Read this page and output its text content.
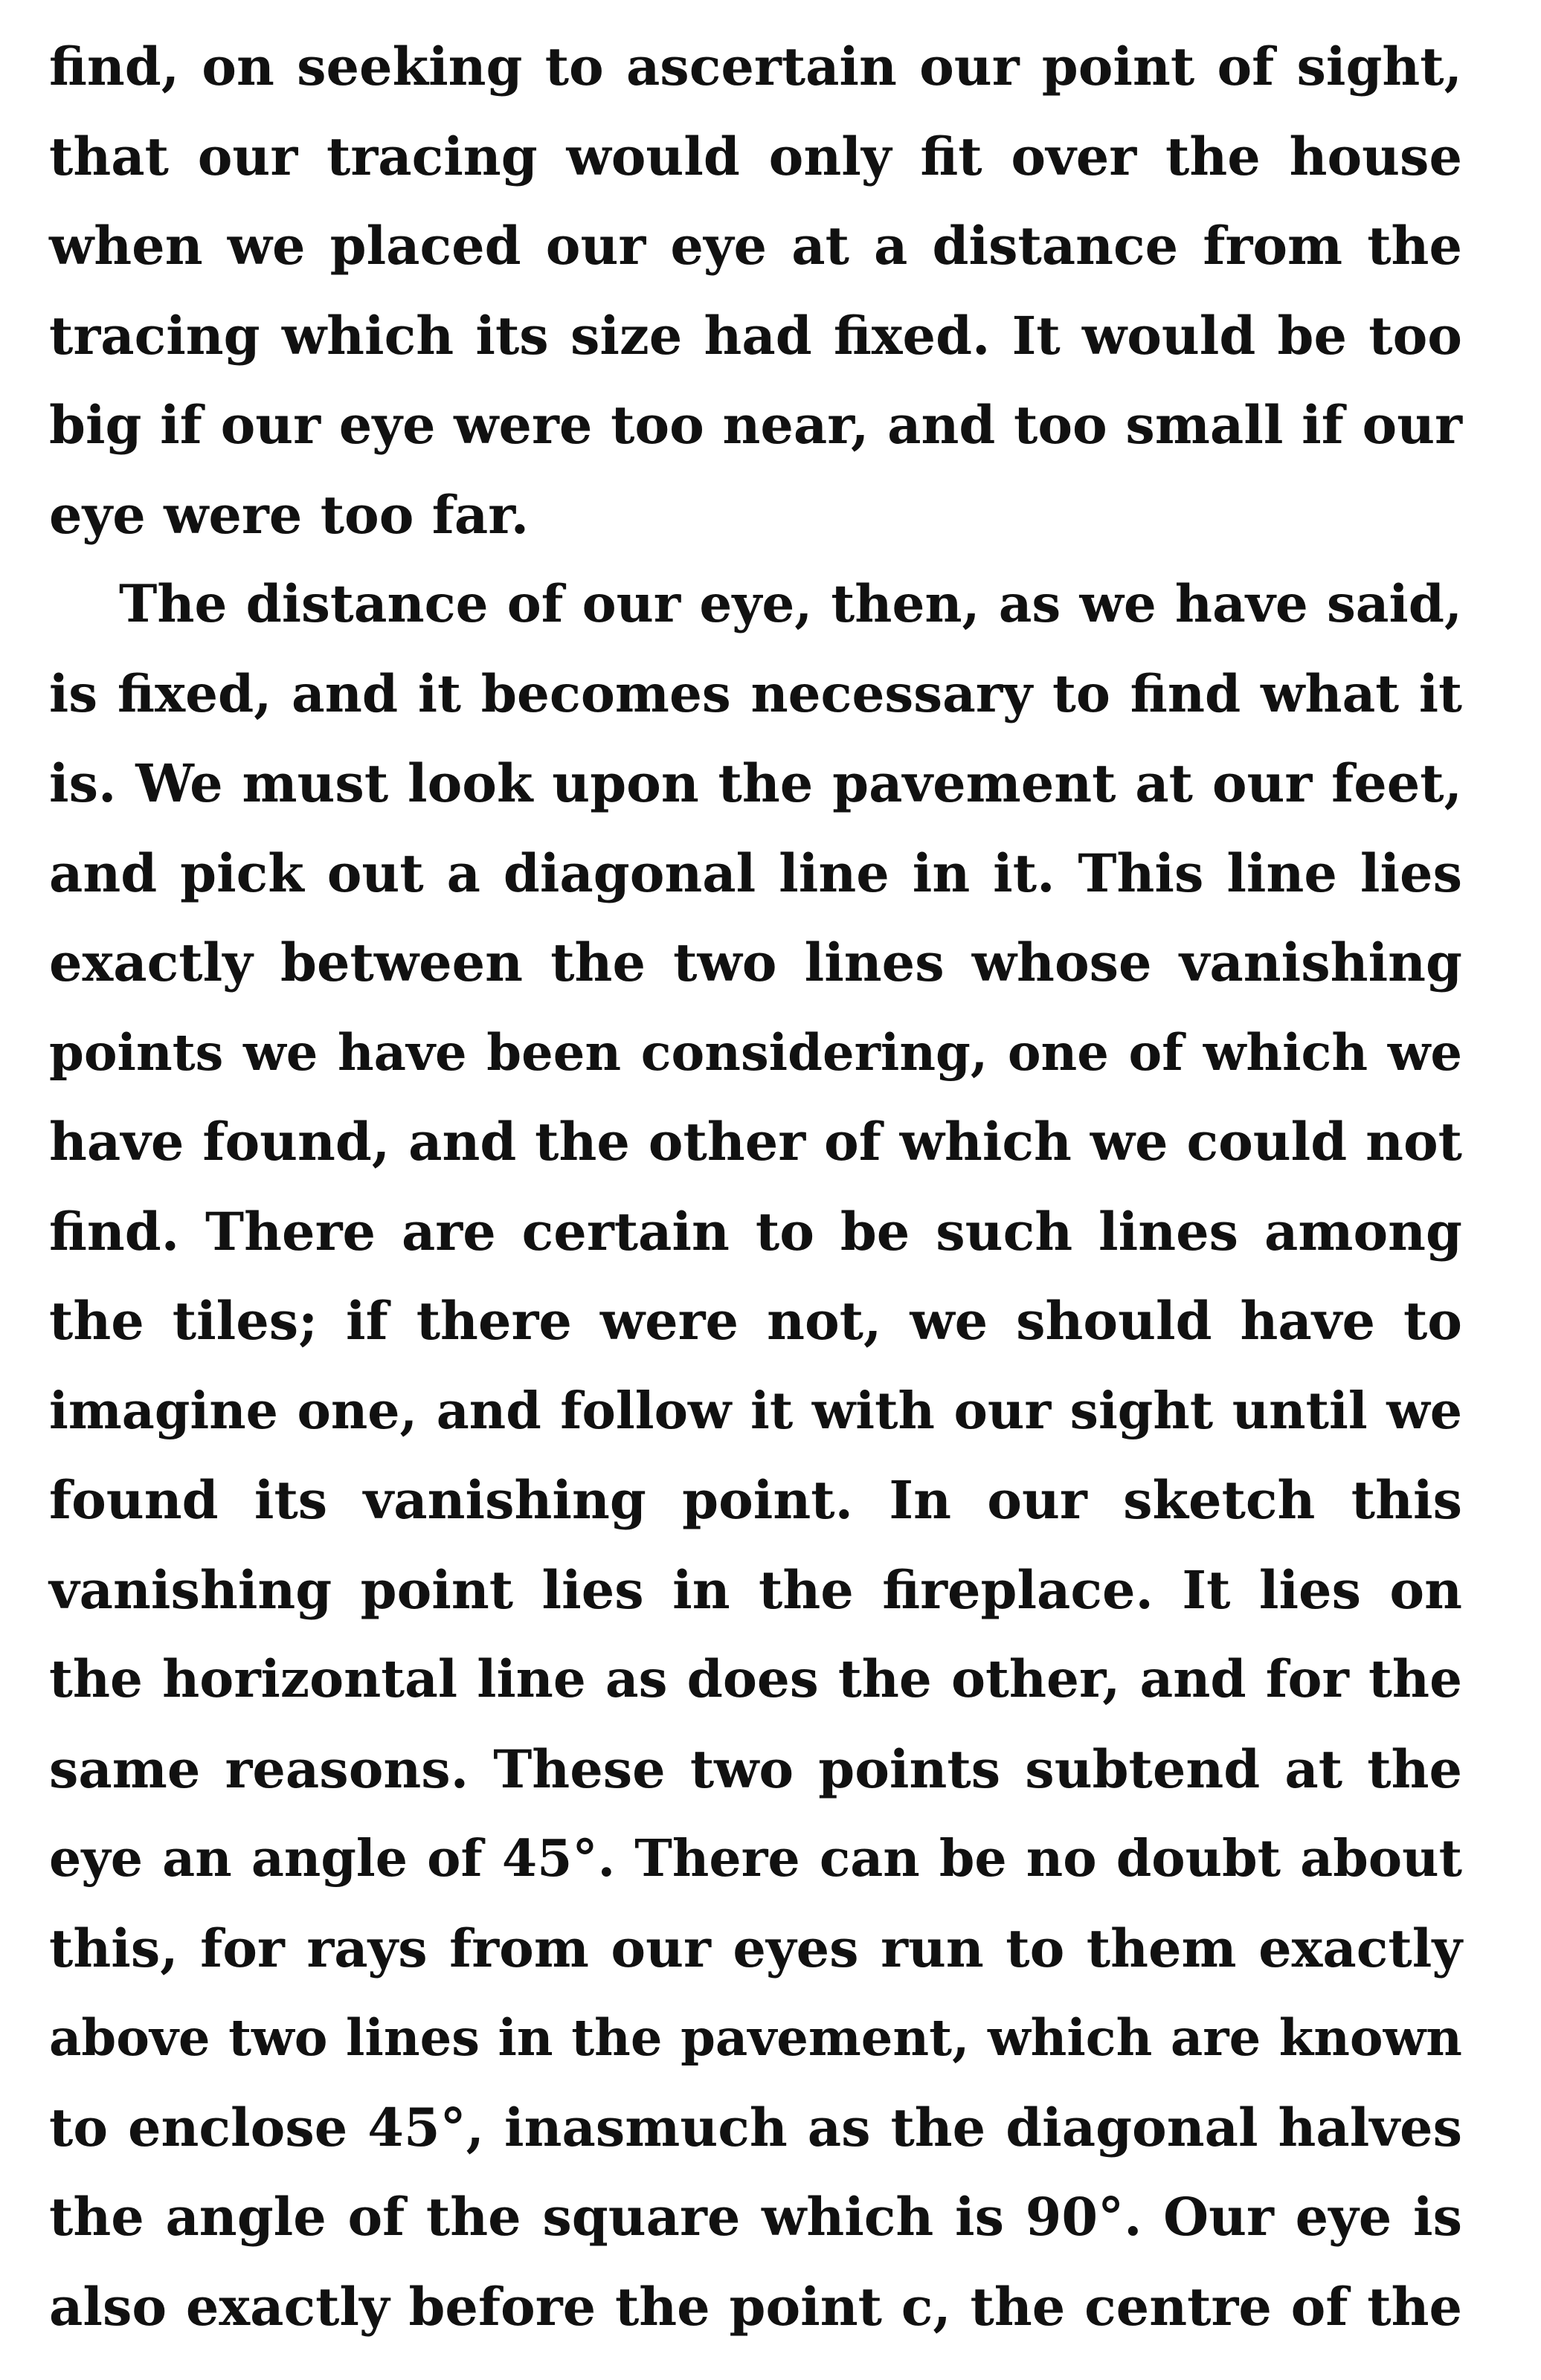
find, on seeking to ascertain our point of sight,
that our tracing would only fit over the house
when we placed our eye at a distance from the
tracing which its size had fixed. It would be too
big if our eye were too near, and too small if our
eye were too far.
The distance of our eye, then, as we have said,
is fixed, and it becomes necessary to find what it
is. We must look upon the pavement at our feet,
and pick out a diagonal line in it. This line lies
exactly between the two lines whose vanishing
points we have been considering, one of which we
have found, and the other of which we could not
find. There are certain to be such lines among
the tiles; if there were not, we should have to
imagine one, and follow it with our sight until we
found its vanishing point. In our sketch this
vanishing point lies in the fireplace. It lies on
the horizontal line as does the other, and for the
same reasons. These two points subtend at the
eye an angle of 45°. There can be no doubt about
this, for rays from our eyes run to them exactly
above two lines in the pavement, which are known
to enclose 45°, inasmuch as the diagonal halves
the angle of the square which is 90°. Our eye is
also exactly before the point c, the centre of the
